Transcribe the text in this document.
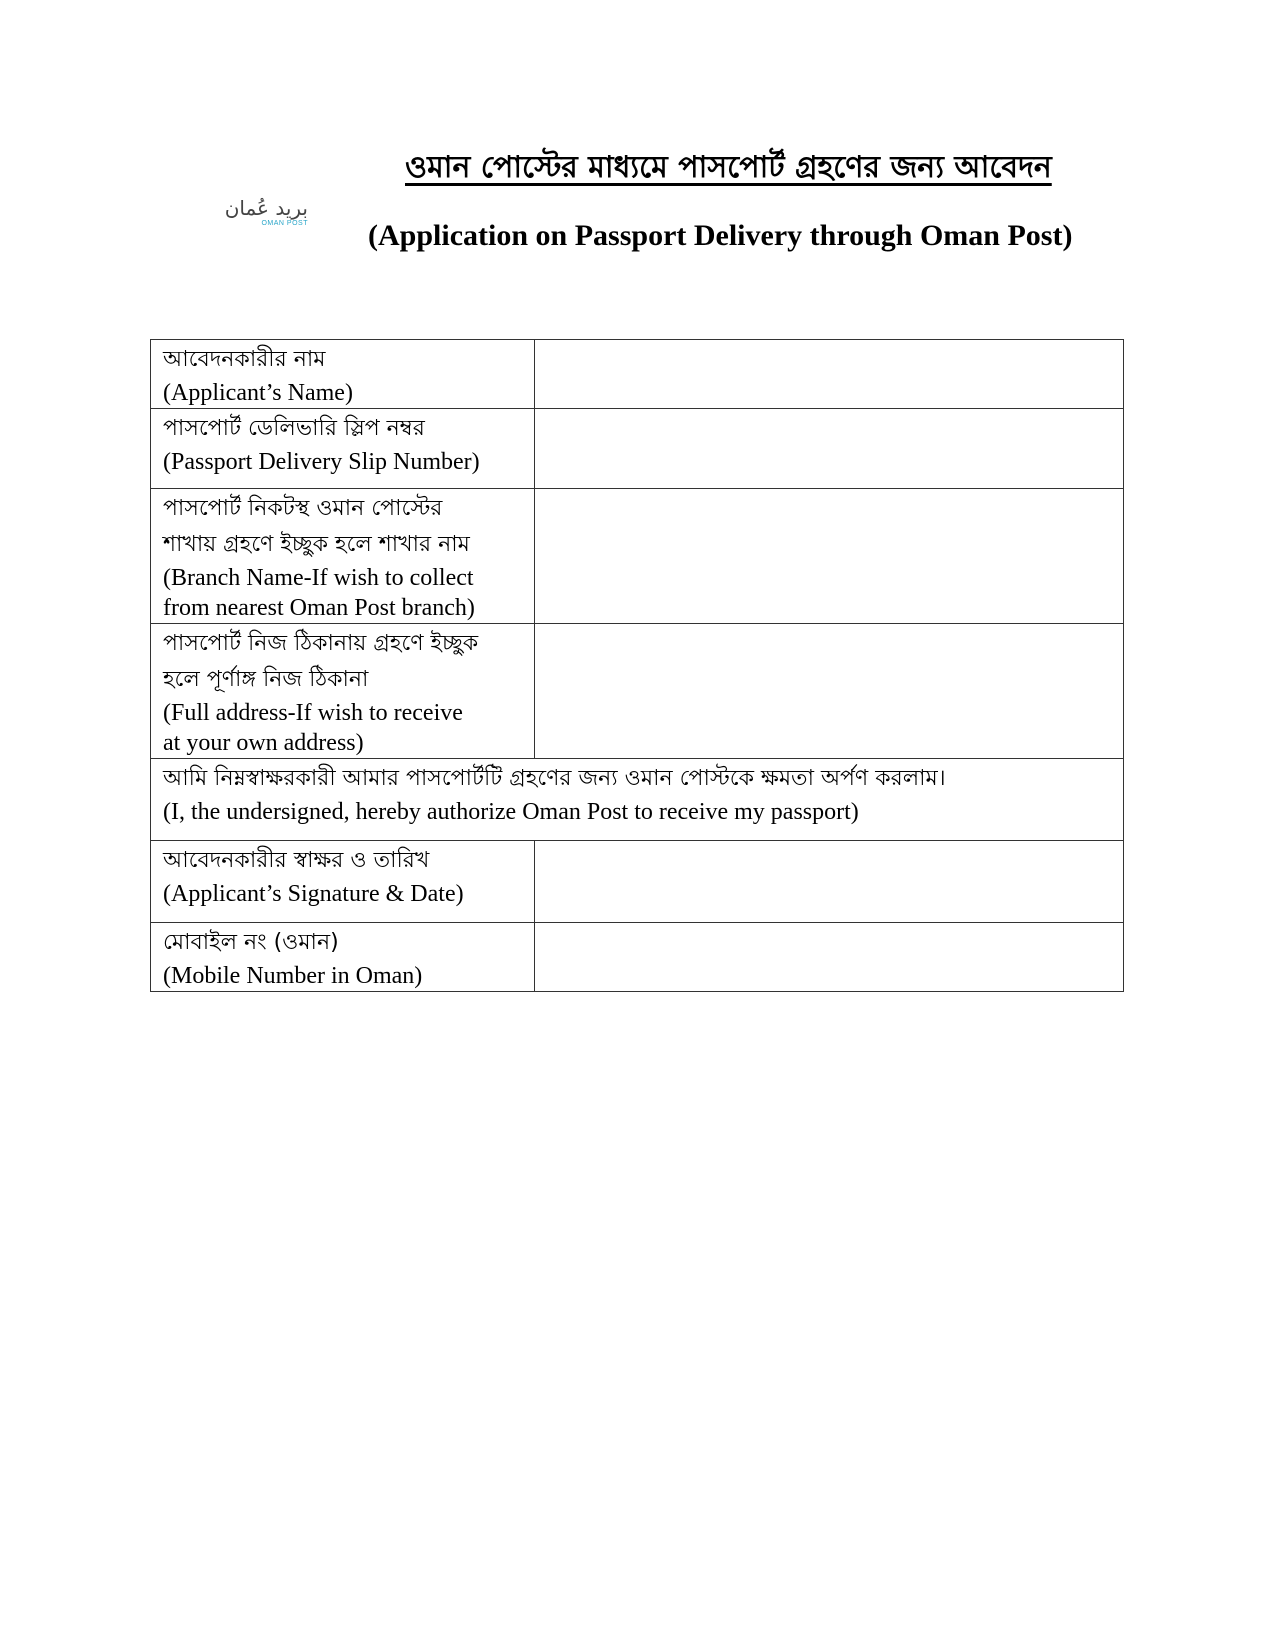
ওমান পোস্টের মাধ্যমে পাসপোর্ট গ্রহণের জন্য আবেদন
بريد عُمان
OMAN POST (Application on Passport Delivery through Oman Post)
আবেদনকারীর নাম
(Applicant’s Name)	

পাসপোর্ট ডেলিভারি স্লিপ নম্বর
(Passport Delivery Slip Number)	

পাসপোর্ট নিকটস্থ ওমান পোস্টের
শাখায় গ্রহণে ইচ্ছুক হলে শাখার নাম
(Branch Name-If wish to collect
from nearest Oman Post branch)	

পাসপোর্ট নিজ ঠিকানায় গ্রহণে ইচ্ছুক
হলে পূর্ণাঙ্গ নিজ ঠিকানা
(Full address-If wish to receive
at your own address)	

আমি নিম্নস্বাক্ষরকারী আমার পাসপোর্টটি গ্রহণের জন্য ওমান পোস্টকে ক্ষমতা অর্পণ করলাম।
(I, the undersigned, hereby authorize Oman Post to receive my passport)	

আবেদনকারীর স্বাক্ষর ও তারিখ
(Applicant’s Signature & Date)	

মোবাইল নং (ওমান)
(Mobile Number in Oman)	
